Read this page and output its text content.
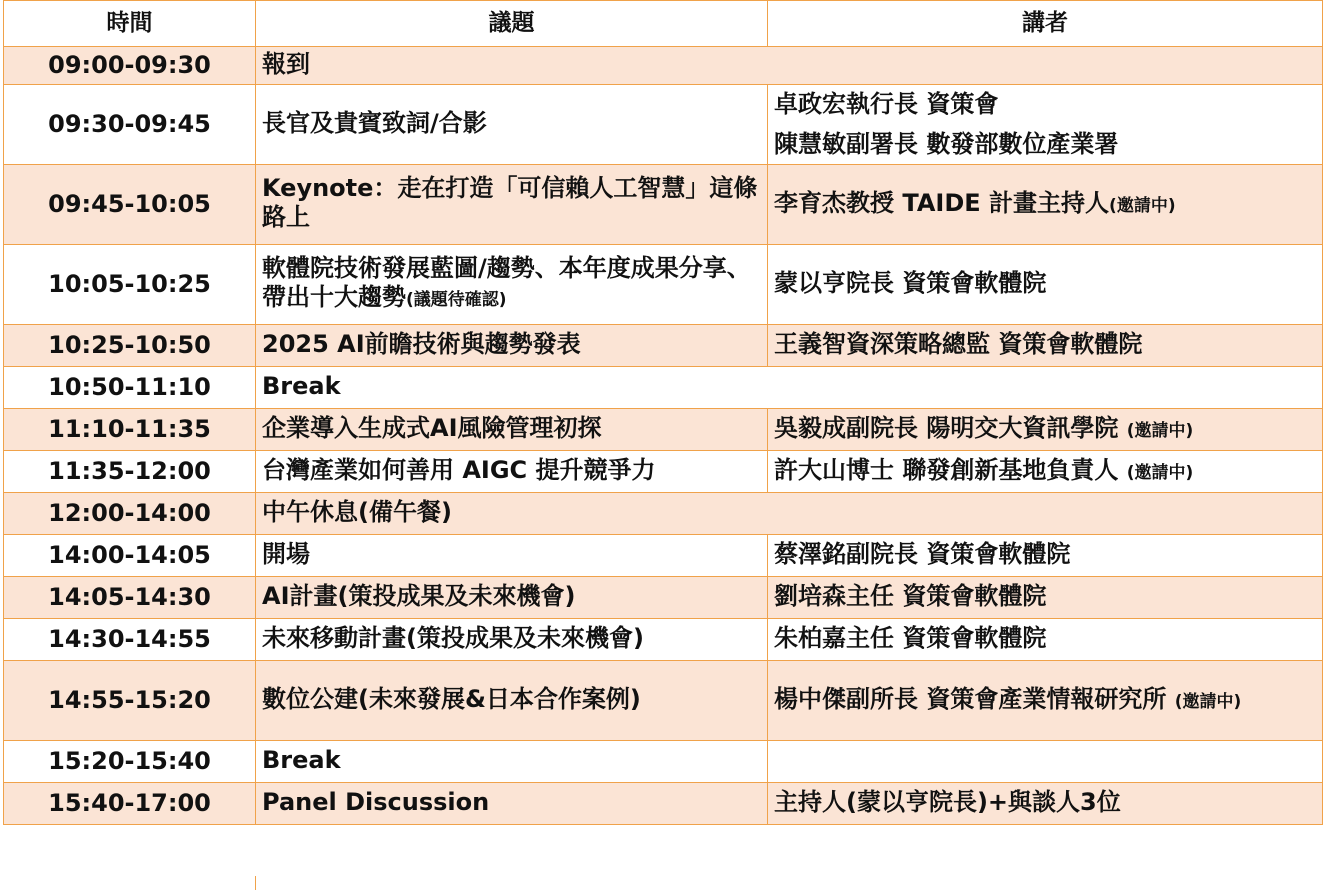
時間	議題	講者
09:00-09:30	報到	
09:30-09:45	長官及貴賓致詞/合影	卓政宏執行長 資策會
陳慧敏副署長 數發部數位產業署

09:45-10:05	Keynote：走在打造「可信賴人工智慧」這條路上	李育杰教授 TAIDE 計畫主持人(邀請中)

10:05-10:25	軟體院技術發展藍圖/趨勢、本年度成果分享、帶出十大趨勢(議題待確認)	蒙以亨院長 資策會軟體院

10:25-10:50	2025 AI前瞻技術與趨勢發表	王義智資深策略總監 資策會軟體院

10:50-11:10	Break	
11:10-11:35	企業導入生成式AI風險管理初探	吳毅成副院長 陽明交大資訊學院 (邀請中)

11:35-12:00	台灣產業如何善用 AIGC 提升競爭力	許大山博士 聯發創新基地負責人 (邀請中)

12:00-14:00	中午休息(備午餐)	
14:00-14:05	開場	蔡澤銘副院長 資策會軟體院

14:05-14:30	AI計畫(策投成果及未來機會)	劉培森主任 資策會軟體院

14:30-14:55	未來移動計畫(策投成果及未來機會)	朱柏嘉主任 資策會軟體院

14:55-15:20	數位公建(未來發展&日本合作案例)	楊中傑副所長 資策會產業情報研究所 (邀請中)

15:20-15:40	Break	

15:40-17:00	Panel Discussion	主持人(蒙以亨院長)+與談人3位
